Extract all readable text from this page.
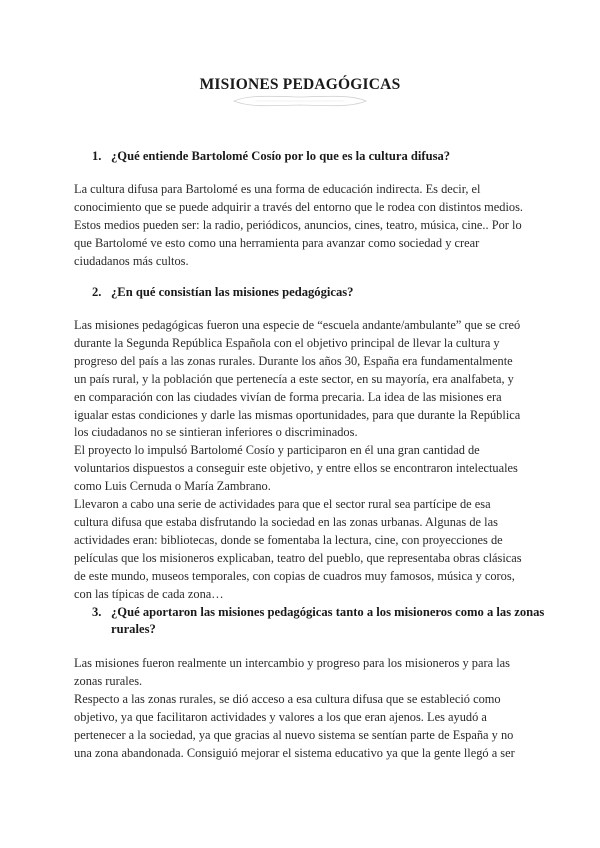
MISIONES PEDAGÓGICAS
1. ¿Qué entiende Bartolomé Cosío por lo que es la cultura difusa?

La cultura difusa para Bartolomé es una forma de educación indirecta. Es decir, el
conocimiento que se puede adquirir a través del entorno que le rodea con distintos medios.
Estos medios pueden ser: la radio, periódicos, anuncios, cines, teatro, música, cine.. Por lo
que Bartolomé ve esto como una herramienta para avanzar como sociedad y crear
ciudadanos más cultos.

2. ¿En qué consistían las misiones pedagógicas?

Las misiones pedagógicas fueron una especie de “escuela andante/ambulante” que se creó
durante la Segunda República Española con el objetivo principal de llevar la cultura y
progreso del país a las zonas rurales. Durante los años 30, España era fundamentalmente
un país rural, y la población que pertenecía a este sector, en su mayoría, era analfabeta, y
en comparación con las ciudades vivían de forma precaria. La idea de las misiones era
igualar estas condiciones y darle las mismas oportunidades, para que durante la República
los ciudadanos no se sintieran inferiores o discriminados.

El proyecto lo impulsó Bartolomé Cosío y participaron en él una gran cantidad de
voluntarios dispuestos a conseguir este objetivo, y entre ellos se encontraron intelectuales
como Luis Cernuda o María Zambrano.

Llevaron a cabo una serie de actividades para que el sector rural sea partícipe de esa
cultura difusa que estaba disfrutando la sociedad en las zonas urbanas. Algunas de las
actividades eran: bibliotecas, donde se fomentaba la lectura, cine, con proyecciones de
películas que los misioneros explicaban, teatro del pueblo, que representaba obras clásicas
de este mundo, museos temporales, con copias de cuadros muy famosos, música y coros,
con las típicas de cada zona…

3. ¿Qué aportaron las misiones pedagógicas tanto a los misioneros como a las zonas
rurales?

Las misiones fueron realmente un intercambio y progreso para los misioneros y para las
zonas rurales.

Respecto a las zonas rurales, se dió acceso a esa cultura difusa que se estableció como
objetivo, ya que facilitaron actividades y valores a los que eran ajenos. Les ayudó a
pertenecer a la sociedad, ya que gracias al nuevo sistema se sentían parte de España y no
una zona abandonada. Consiguió mejorar el sistema educativo ya que la gente llegó a ser
